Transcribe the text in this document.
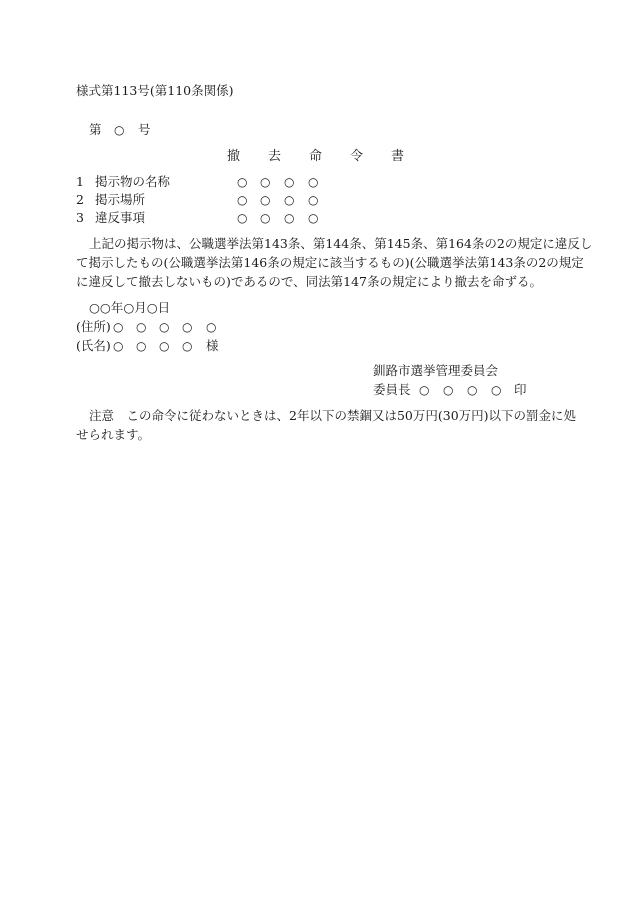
様式第113号(第110条関係)
第 ○ 号
撤 去 命 令 書
1 掲示物の名称	○ ○ ○ ○
2 掲示場所	○ ○ ○ ○
3 違反事項	○ ○ ○ ○
上記の掲示物は、公職選挙法第143条、第144条、第145条、第164条の2の規定に違反し
て掲示したもの(公職選挙法第146条の規定に該当するもの)(公職選挙法第143条の2の規定
に違反して撤去しないもの)であるので、同法第147条の規定により撤去を命ずる。
○○年○月○日
(住所) ○ ○ ○ ○ ○
(氏名) ○ ○ ○ ○ 様
釧路市選挙管理委員会
委員長 ○ ○ ○ ○ 印
注意　この命令に従わないときは、2年以下の禁錮又は50万円(30万円)以下の罰金に処
せられます。
